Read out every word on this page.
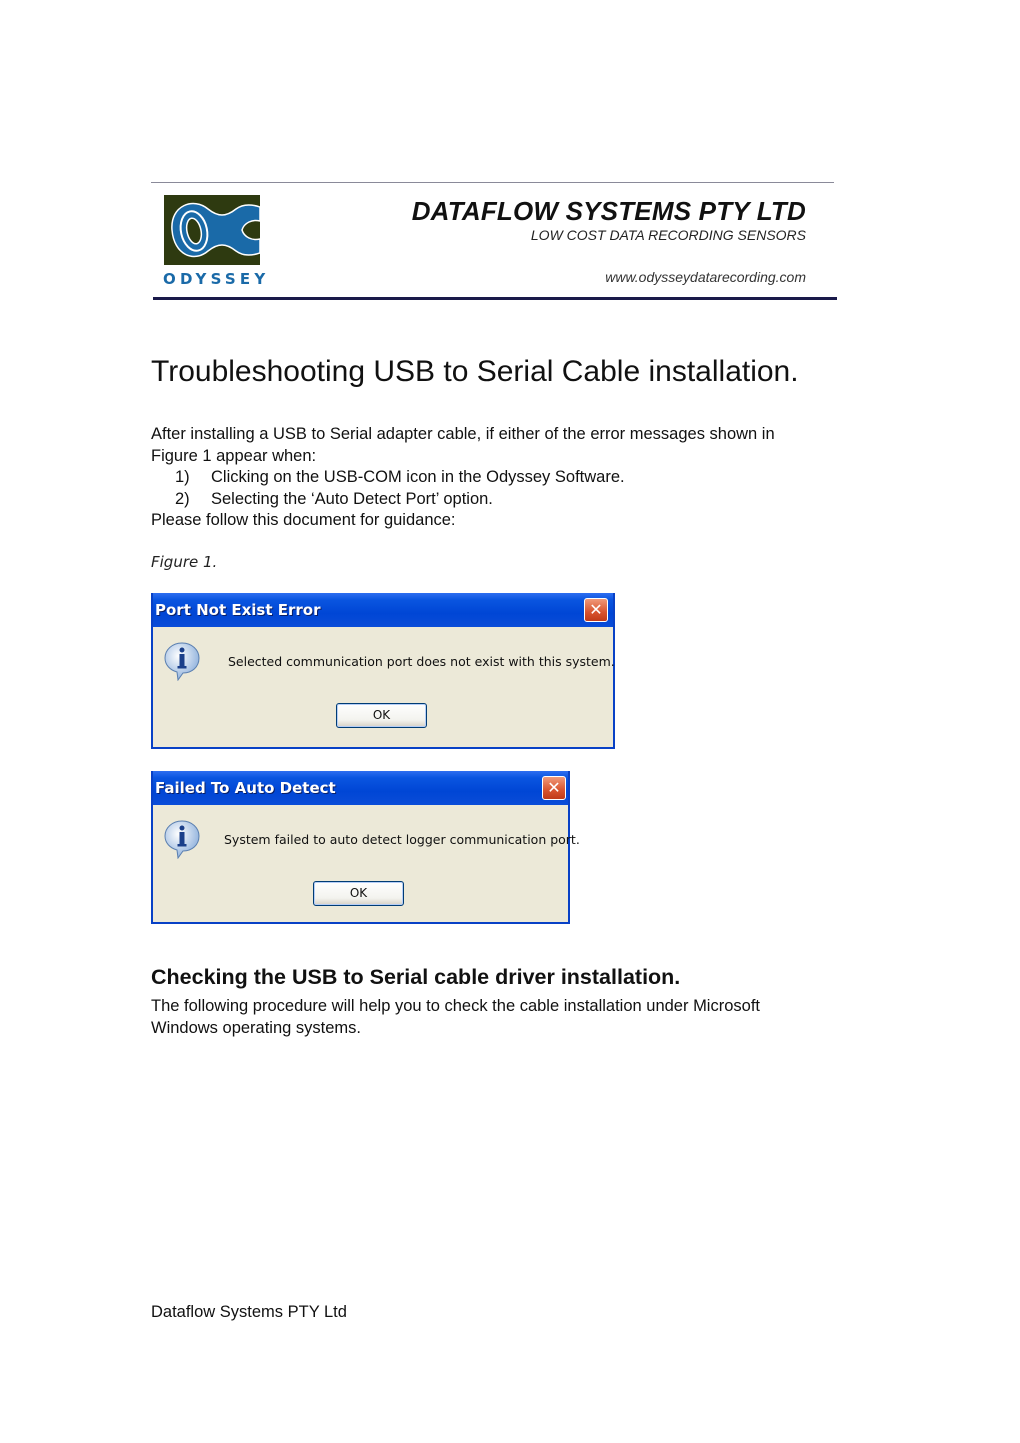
ODYSSEY
DATAFLOW SYSTEMS PTY LTD
LOW COST DATA RECORDING SENSORS
www.odysseydatarecording.com
Troubleshooting USB to Serial Cable installation.
After installing a USB to Serial adapter cable, if either of the error messages shown in
Figure 1 appear when:
1) Clicking on the USB-COM icon in the Odyssey Software.
2) Selecting the ‘Auto Detect Port’ option.
Please follow this document for guidance:
Figure 1.
Port Not Exist Error	✕
Selected communication port does not exist with this system.
OK
Failed To Auto Detect	✕
System failed to auto detect logger communication port.
OK
Checking the USB to Serial cable driver installation.
The following procedure will help you to check the cable installation under Microsoft
Windows operating systems.
Dataflow Systems PTY Ltd
